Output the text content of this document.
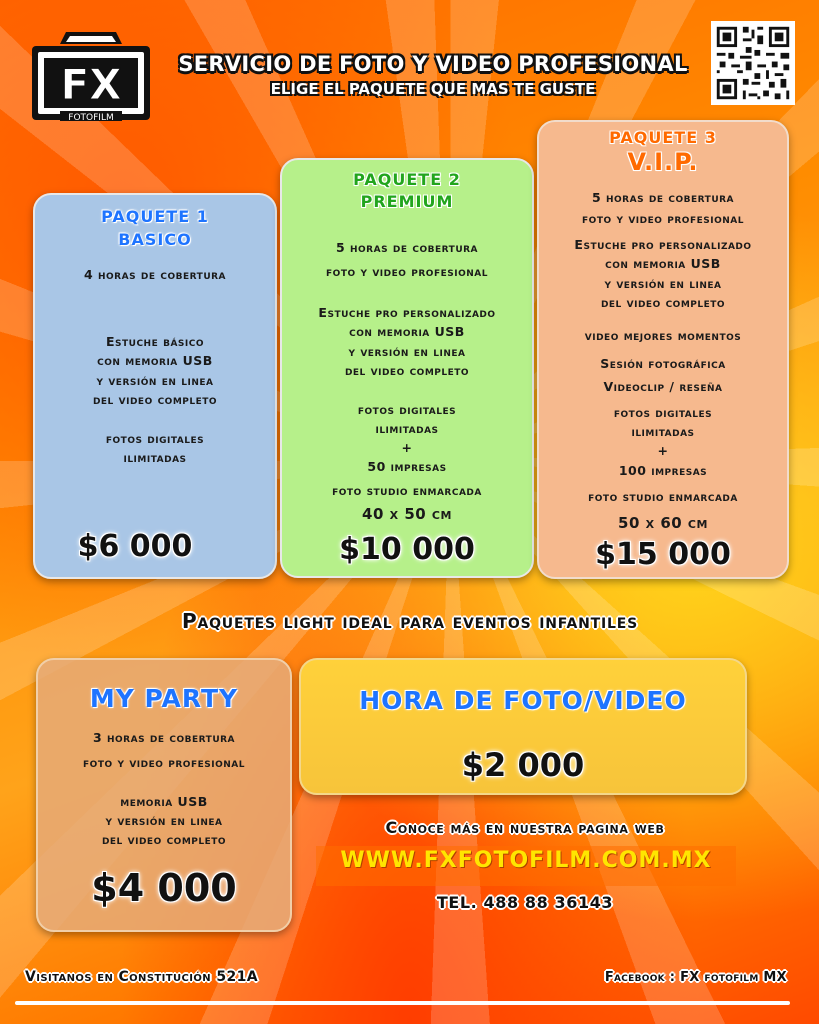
FX
FOTOFILM
SERVICIO DE FOTO Y VIDEO PROFESIONAL
ELIGE EL PAQUETE QUE MAS TE GUSTE
PAQUETE 1
BASICO
4 horas de cobertura
Estuche básico
con memoria USB
y versión en linea
del video completo
fotos digitales
ilimitadas
$6 000
PAQUETE 2
PREMIUM
5 horas de cobertura
foto y video profesional
Estuche pro personalizado
con memoria USB
y versión en linea
del video completo
fotos digitales
ilimitadas
+
50 impresas
foto studio enmarcada
40 x 50 cm
$10 000
PAQUETE 3
V.I.P.
5 horas de cobertura
foto y video profesional
Estuche pro personalizado
con memoria USB
y versión en linea
del video completo
video mejores momentos
Sesión fotográfica
Videoclip / reseña
fotos digitales
ilimitadas
+
100 impresas
foto studio enmarcada
50 x 60 cm
$15 000
Paquetes light ideal para eventos infantiles
MY PARTY
3 horas de cobertura
foto y video profesional
memoria USB
y versión en linea
del video completo
$4 000
HORA DE FOTO/VIDEO
$2 000
Conoce más en nuestra pagina web
WWW.FXFOTOFILM.COM.MX
TEL. 488 88 36143
Visitanos en Constitución 521A	Facebook : FX fotofilm MX
